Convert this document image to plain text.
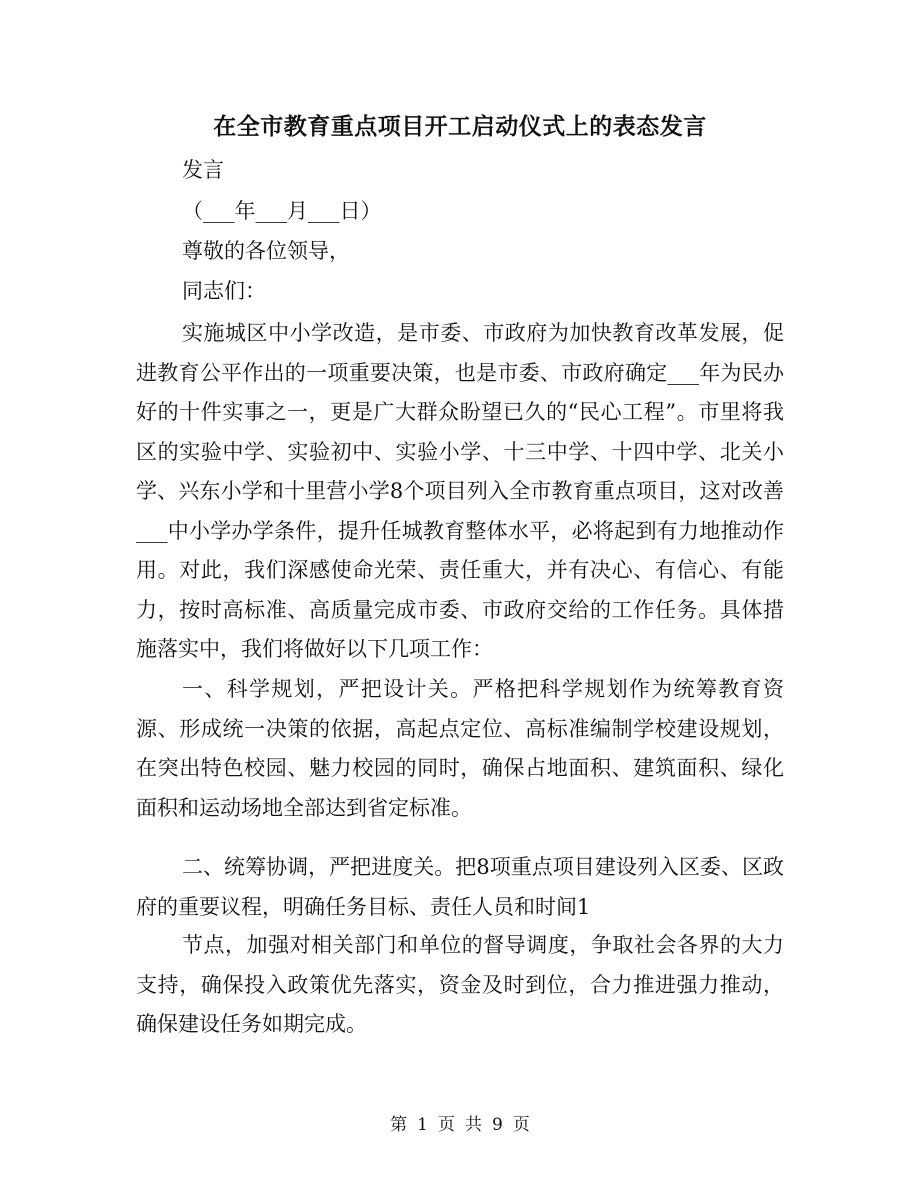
在全市教育重点项目开工启动仪式上的表态发言
发言
（___年___月___日）
尊敬的各位领导，
同志们：

实施城区中小学改造，是市委、市政府为加快教育改革发展，促进教育公平作出的一项重要决策，也是市委、市政府确定___年为民办好的十件实事之一，更是广大群众盼望已久的“民心工程”。市里将我区的实验中学、实验初中、实验小学、十三中学、十四中学、北关小学、兴东小学和十里营小学8个项目列入全市教育重点项目，这对改善___中小学办学条件，提升任城教育整体水平，必将起到有力地推动作用。对此，我们深感使命光荣、责任重大，并有决心、有信心、有能力，按时高标准、高质量完成市委、市政府交给的工作任务。具体措施落实中，我们将做好以下几项工作：

一、科学规划，严把设计关。严格把科学规划作为统筹教育资源、形成统一决策的依据，高起点定位、高标准编制学校建设规划，在突出特色校园、魅力校园的同时，确保占地面积、建筑面积、绿化面积和运动场地全部达到省定标准。

二、统筹协调，严把进度关。把8项重点项目建设列入区委、区政府的重要议程，明确任务目标、责任人员和时间1

节点，加强对相关部门和单位的督导调度，争取社会各界的大力支持，确保投入政策优先落实，资金及时到位，合力推进强力推动，确保建设任务如期完成。

第 1 页 共 9 页
